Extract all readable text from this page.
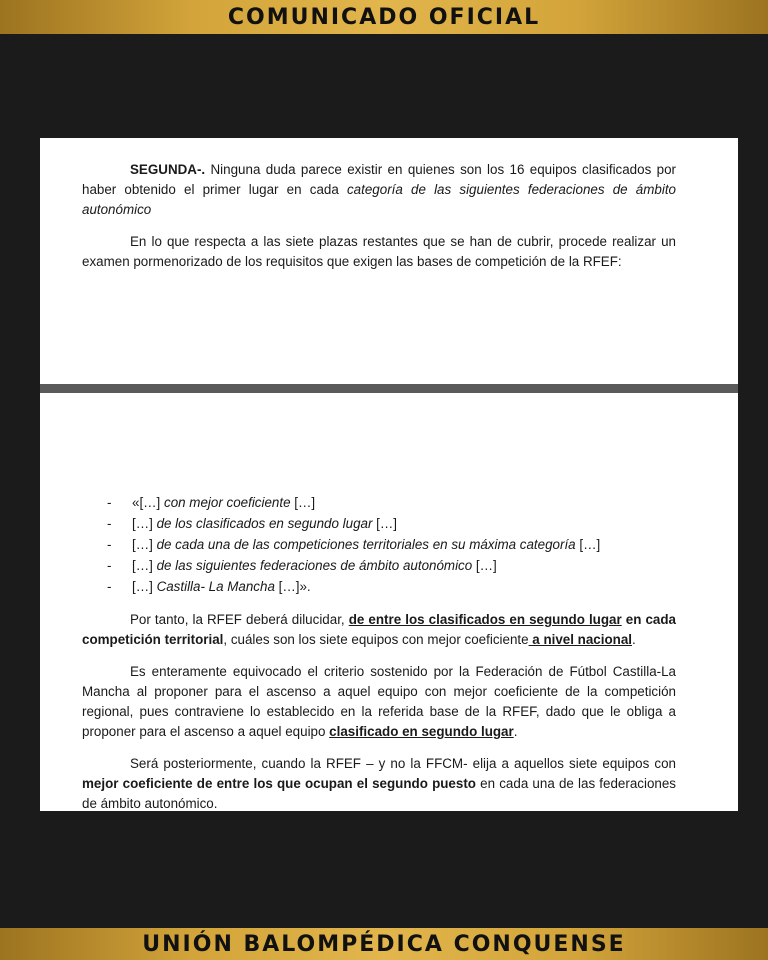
COMUNICADO OFICIAL

SEGUNDA-. Ninguna duda parece existir en quienes son los 16 equipos clasificados por haber obtenido el primer lugar en cada categoría de las siguientes federaciones de ámbito autonómico

En lo que respecta a las siete plazas restantes que se han de cubrir, procede realizar un examen pormenorizado de los requisitos que exigen las bases de competición de la RFEF:

- «[…] con mejor coeficiente […]
- […] de los clasificados en segundo lugar […]
- […] de cada una de las competiciones territoriales en su máxima categoría […]
- […] de las siguientes federaciones de ámbito autonómico […]
- […] Castilla- La Mancha […]».

Por tanto, la RFEF deberá dilucidar, de entre los clasificados en segundo lugar en cada competición territorial, cuáles son los siete equipos con mejor coeficiente a nivel nacional.

Es enteramente equivocado el criterio sostenido por la Federación de Fútbol Castilla-La Mancha al proponer para el ascenso a aquel equipo con mejor coeficiente de la competición regional, pues contraviene lo establecido en la referida base de la RFEF, dado que le obliga a proponer para el ascenso a aquel equipo clasificado en segundo lugar.

Será posteriormente, cuando la RFEF – y no la FFCM- elija a aquellos siete equipos con mejor coeficiente de entre los que ocupan el segundo puesto en cada una de las federaciones de ámbito autonómico.

UNIÓN BALOMPÉDICA CONQUENSE
